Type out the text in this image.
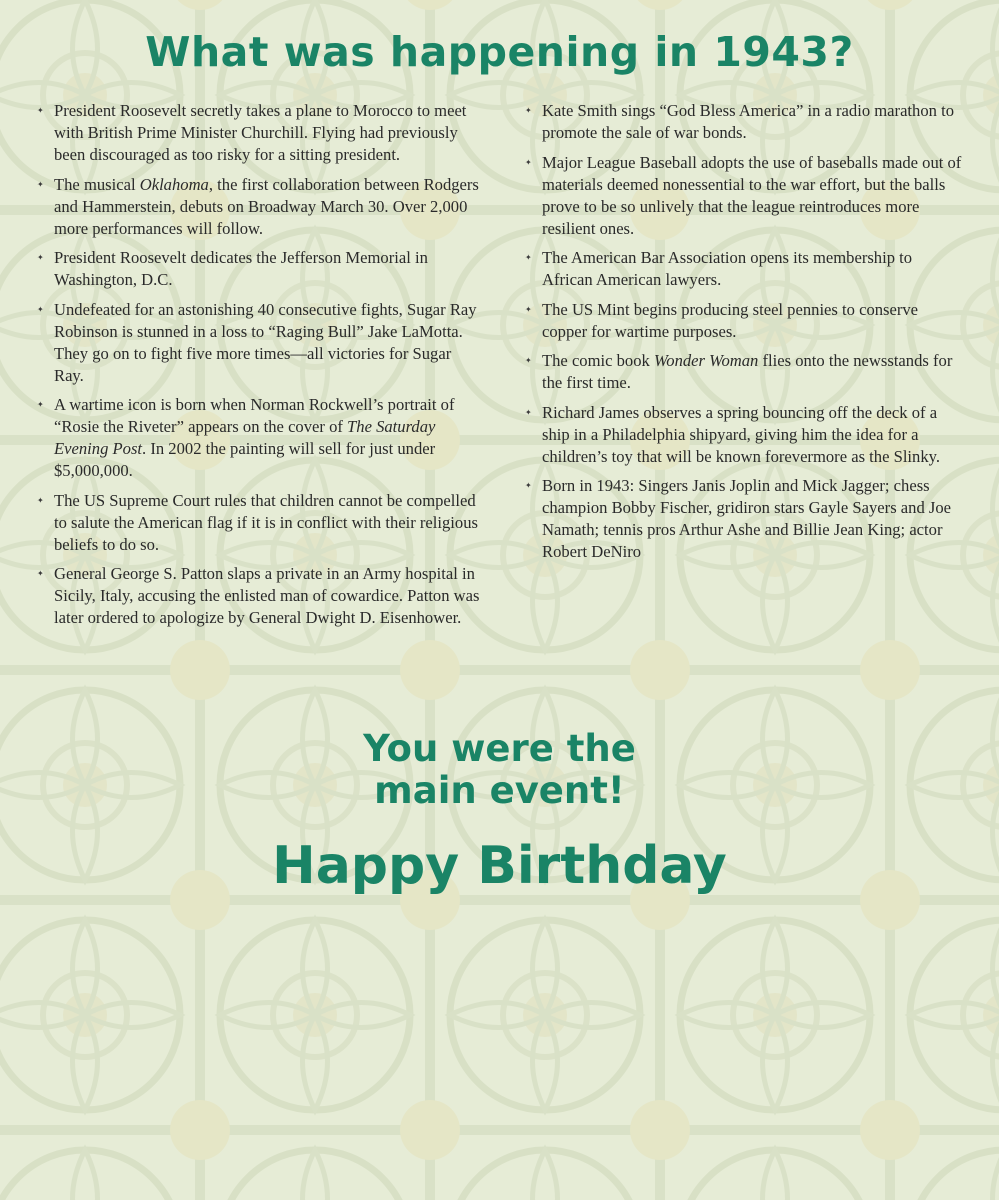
What was happening in 1943?
✦ President Roosevelt secretly takes a plane to Morocco to meet with British Prime Minister Churchill. Flying had previously been discouraged as too risky for a sitting president.
✦ The musical Oklahoma, the first collaboration between Rodgers and Hammerstein, debuts on Broadway March 30. Over 2,000 more performances will follow.
✦ President Roosevelt dedicates the Jefferson Memorial in Washington, D.C.
✦ Undefeated for an astonishing 40 consecutive fights, Sugar Ray Robinson is stunned in a loss to “Raging Bull” Jake LaMotta. They go on to fight five more times—all victories for Sugar Ray.
✦ A wartime icon is born when Norman Rockwell’s portrait of “Rosie the Riveter” appears on the cover of The Saturday Evening Post. In 2002 the painting will sell for just under $5,000,000.
✦ The US Supreme Court rules that children cannot be compelled to salute the American flag if it is in conflict with their religious beliefs to do so.
✦ General George S. Patton slaps a private in an Army hospital in Sicily, Italy, accusing the enlisted man of cowardice. Patton was later ordered to apologize by General Dwight D. Eisenhower.
✦ Kate Smith sings “God Bless America” in a radio marathon to promote the sale of war bonds.
✦ Major League Baseball adopts the use of baseballs made out of materials deemed nonessential to the war effort, but the balls prove to be so unlively that the league reintroduces more resilient ones.
✦ The American Bar Association opens its membership to African American lawyers.
✦ The US Mint begins producing steel pennies to conserve copper for wartime purposes.
✦ The comic book Wonder Woman flies onto the newsstands for the first time.
✦ Richard James observes a spring bouncing off the deck of a ship in a Philadelphia shipyard, giving him the idea for a children’s toy that will be known forevermore as the Slinky.
✦ Born in 1943: Singers Janis Joplin and Mick Jagger; chess champion Bobby Fischer, gridiron stars Gayle Sayers and Joe Namath; tennis pros Arthur Ashe and Billie Jean King; actor Robert DeNiro
You were the
main event!
Happy Birthday
